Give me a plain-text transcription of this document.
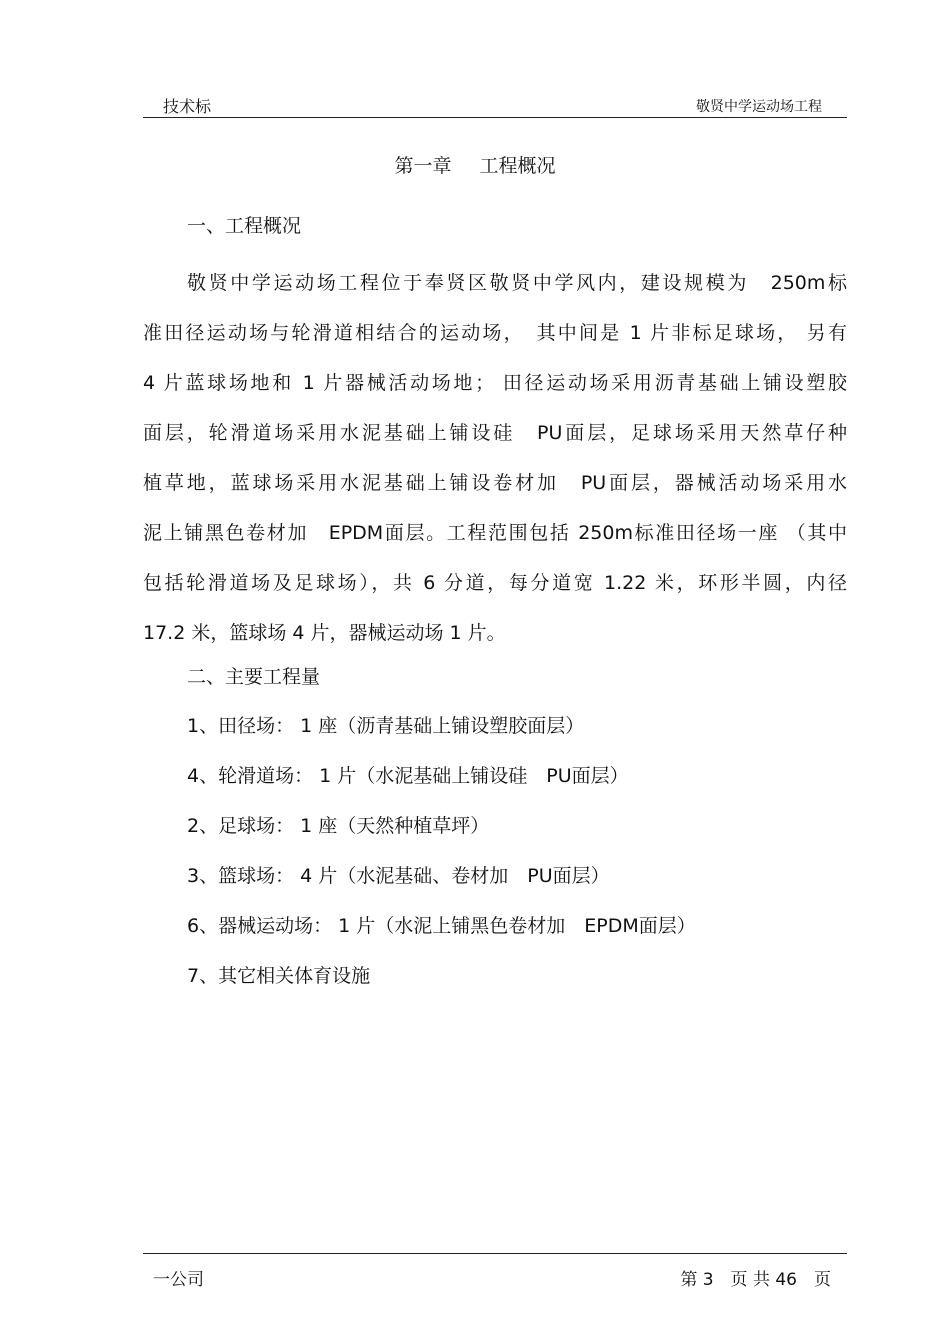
技术标	敬贤中学运动场工程
第一章 工程概况
一、工程概况
敬贤中学运动场工程位于奉贤区敬贤中学风内，建设规模为　250m标
准田径运动场与轮滑道相结合的运动场，　其中间是 1 片非标足球场， 另有
4 片蓝球场地和 1 片器械活动场地； 田径运动场采用沥青基础上铺设塑胶
面层，轮滑道场采用水泥基础上铺设硅　PU面层，足球场采用天然草仔种
植草地，蓝球场采用水泥基础上铺设卷材加　PU面层，器械活动场采用水
泥上铺黑色卷材加　EPDM面层。工程范围包括 250m标准田径场一座 （其中
包括轮滑道场及足球场），共 6 分道，每分道宽 1.22 米，环形半圆，内径
17.2 米，篮球场 4 片，器械运动场 1 片。
二、主要工程量
1、田径场： 1 座（沥青基础上铺设塑胶面层）
4、轮滑道场： 1 片（水泥基础上铺设硅　PU面层）
2、足球场： 1 座（天然种植草坪）
3、篮球场： 4 片（水泥基础、卷材加　PU面层）
6、器械运动场： 1 片（水泥上铺黑色卷材加　EPDM面层）
7、其它相关体育设施
一公司	第 3　页 共 46　页
